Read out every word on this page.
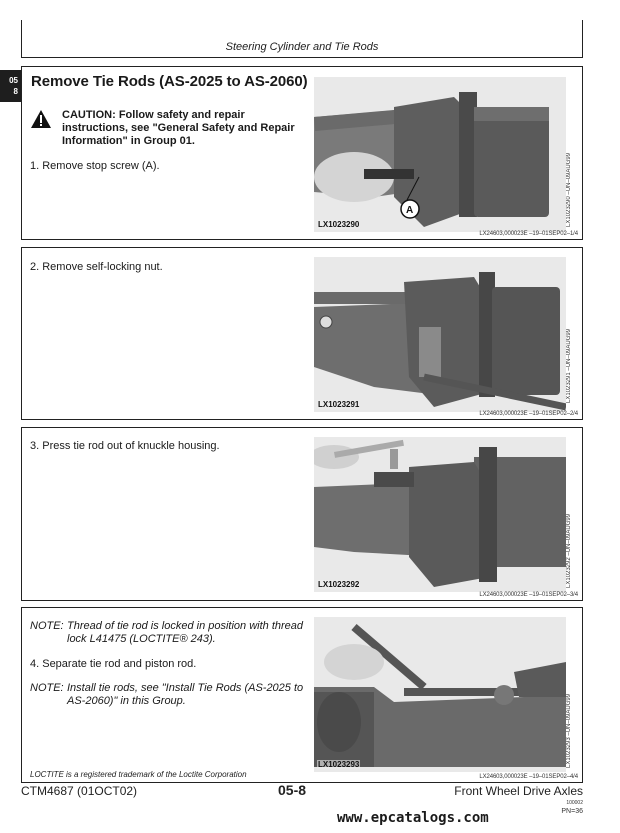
Steering Cylinder and Tie Rods
05
8
Remove Tie Rods (AS-2025 to AS-2060)
CAUTION: Follow safety and repair instructions, see "General Safety and Repair Information" in Group 01.
1. Remove stop screw (A).
A
LX1023290	LX1023290 –UN–09AUG99
LX24603,000023E –19–01SEP02–1/4
2. Remove self-locking nut.
LX1023291
LX1023291 –UN–09AUG99
LX24603,000023E –19–01SEP02–2/4
3. Press tie rod out of knuckle housing.
LX1023292	LX1023292 –UN–09AUG99
LX24603,000023E –19–01SEP02–3/4
NOTE: Thread of tie rod is locked in position with thread lock L41475 (LOCTITE® 243).
4. Separate tie rod and piston rod.
NOTE: Install tie rods, see "Install Tie Rods (AS-2025 to AS-2060)" in this Group.
LX1023293	LX1023293 –UN–09AUG99
LOCTITE is a registered trademark of the Loctite Corporation	LX24603,000023E –19–01SEP02–4/4
CTM4687 (01OCT02)	05-8	Front Wheel Drive Axles
100002
PN=36
www.epcatalogs.com
